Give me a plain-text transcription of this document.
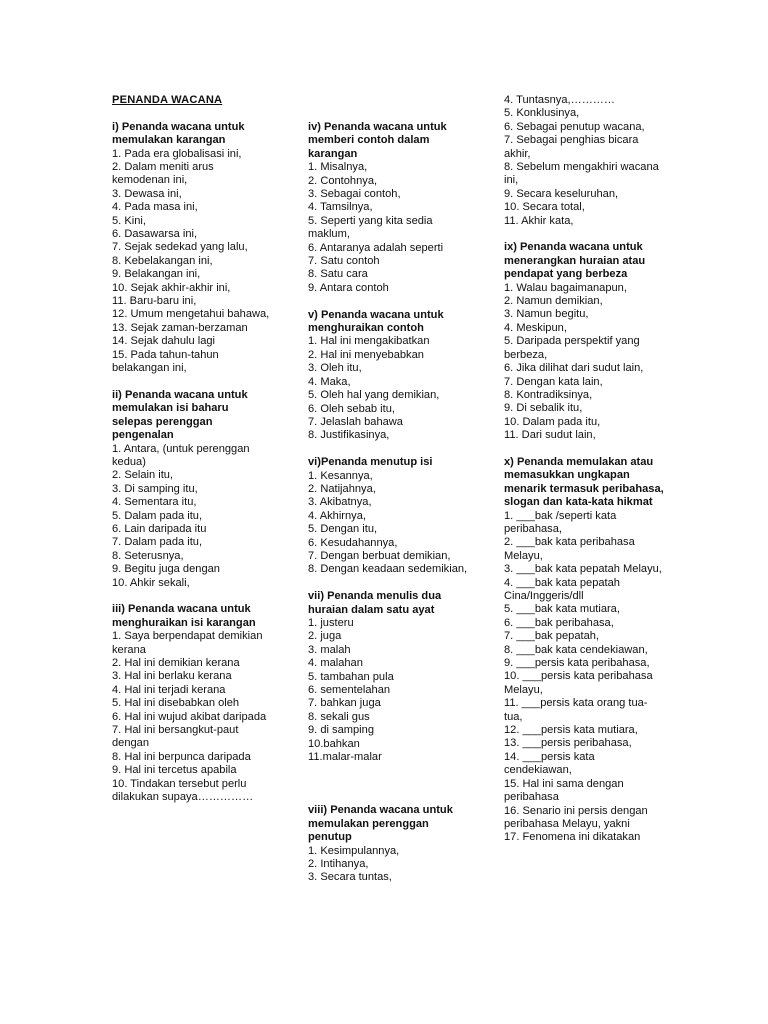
PENANDA WACANA
i) Penanda wacana untuk memulakan karangan
1. Pada era globalisasi ini,
2. Dalam meniti arus kemodenan ini,
3. Dewasa ini,
4. Pada masa ini,
5. Kini,
6. Dasawarsa ini,
7. Sejak sedekad yang lalu,
8. Kebelakangan ini,
9. Belakangan ini,
10. Sejak akhir-akhir ini,
11. Baru-baru ini,
12. Umum mengetahui bahawa,
13. Sejak zaman-berzaman
14. Sejak dahulu lagi
15. Pada tahun-tahun belakangan ini,
ii) Penanda wacana untuk memulakan isi baharu selepas perenggan pengenalan
1. Antara, (untuk perenggan kedua)
2. Selain itu,
3. Di samping itu,
4. Sementara itu,
5. Dalam pada itu,
6. Lain daripada itu
7. Dalam pada itu,
8. Seterusnya,
9. Begitu juga dengan
10. Ahkir sekali,
iii) Penanda wacana untuk menghuraikan isi karangan
1. Saya berpendapat demikian kerana
2. Hal ini demikian kerana
3. Hal ini berlaku kerana
4. Hal ini terjadi kerana
5. Hal ini disebabkan oleh
6. Hal ini wujud akibat daripada
7. Hal ini bersangkut-paut dengan
8. Hal ini berpunca daripada
9. Hal ini tercetus apabila
10. Tindakan tersebut perlu dilakukan supaya……………
iv) Penanda wacana untuk memberi contoh dalam karangan
1. Misalnya,
2. Contohnya,
3. Sebagai contoh,
4. Tamsilnya,
5. Seperti yang kita sedia maklum,
6. Antaranya adalah seperti
7. Satu contoh
8. Satu cara
9. Antara contoh
v) Penanda wacana untuk menghuraikan contoh
1. Hal ini mengakibatkan
2. Hal ini menyebabkan
3. Oleh itu,
4. Maka,
5. Oleh hal yang demikian,
6. Oleh sebab itu,
7. Jelaslah bahawa
8. Justifikasinya,
vi)Penanda menutup isi
1. Kesannya,
2. Natijahnya,
3. Akibatnya,
4. Akhirnya,
5. Dengan itu,
6. Kesudahannya,
7. Dengan berbuat demikian,
8. Dengan keadaan sedemikian,
vii) Penanda menulis dua huraian dalam satu ayat
1. justeru
2. juga
3. malah
4. malahan
5. tambahan pula
6. sementelahan
7. bahkan juga
8. sekali gus
9. di samping
10.bahkan
11.malar-malar
viii) Penanda wacana untuk memulakan perenggan penutup
1. Kesimpulannya,
2. Intihanya,
3. Secara tuntas,
4. Tuntasnya,…………
5. Konklusinya,
6. Sebagai penutup wacana,
7. Sebagai penghias bicara akhir,
8. Sebelum mengakhiri wacana ini,
9. Secara keseluruhan,
10. Secara total,
11. Akhir kata,
ix) Penanda wacana untuk menerangkan huraian atau pendapat yang berbeza
1. Walau bagaimanapun,
2. Namun demikian,
3. Namun begitu,
4. Meskipun,
5. Daripada perspektif yang berbeza,
6. Jika dilihat dari sudut lain,
7. Dengan kata lain,
8. Kontradiksinya,
9. Di sebalik itu,
10. Dalam pada itu,
11. Dari sudut lain,
x) Penanda memulakan atau memasukkan ungkapan menarik termasuk peribahasa, slogan dan kata-kata hikmat
1. ___bak /seperti kata peribahasa,
2. ___bak kata peribahasa Melayu,
3. ___bak kata pepatah Melayu,
4. ___bak kata pepatah Cina/Inggeris/dll
5. ___bak kata mutiara,
6. ___bak peribahasa,
7. ___bak pepatah,
8. ___bak kata cendekiawan,
9. ___persis kata peribahasa,
10. ___persis kata peribahasa Melayu,
11. ___persis kata orang tua-tua,
12. ___persis kata mutiara,
13. ___persis peribahasa,
14. ___persis kata cendekiawan,
15. Hal ini sama dengan peribahasa
16. Senario ini persis dengan peribahasa Melayu, yakni
17. Fenomena ini dikatakan
